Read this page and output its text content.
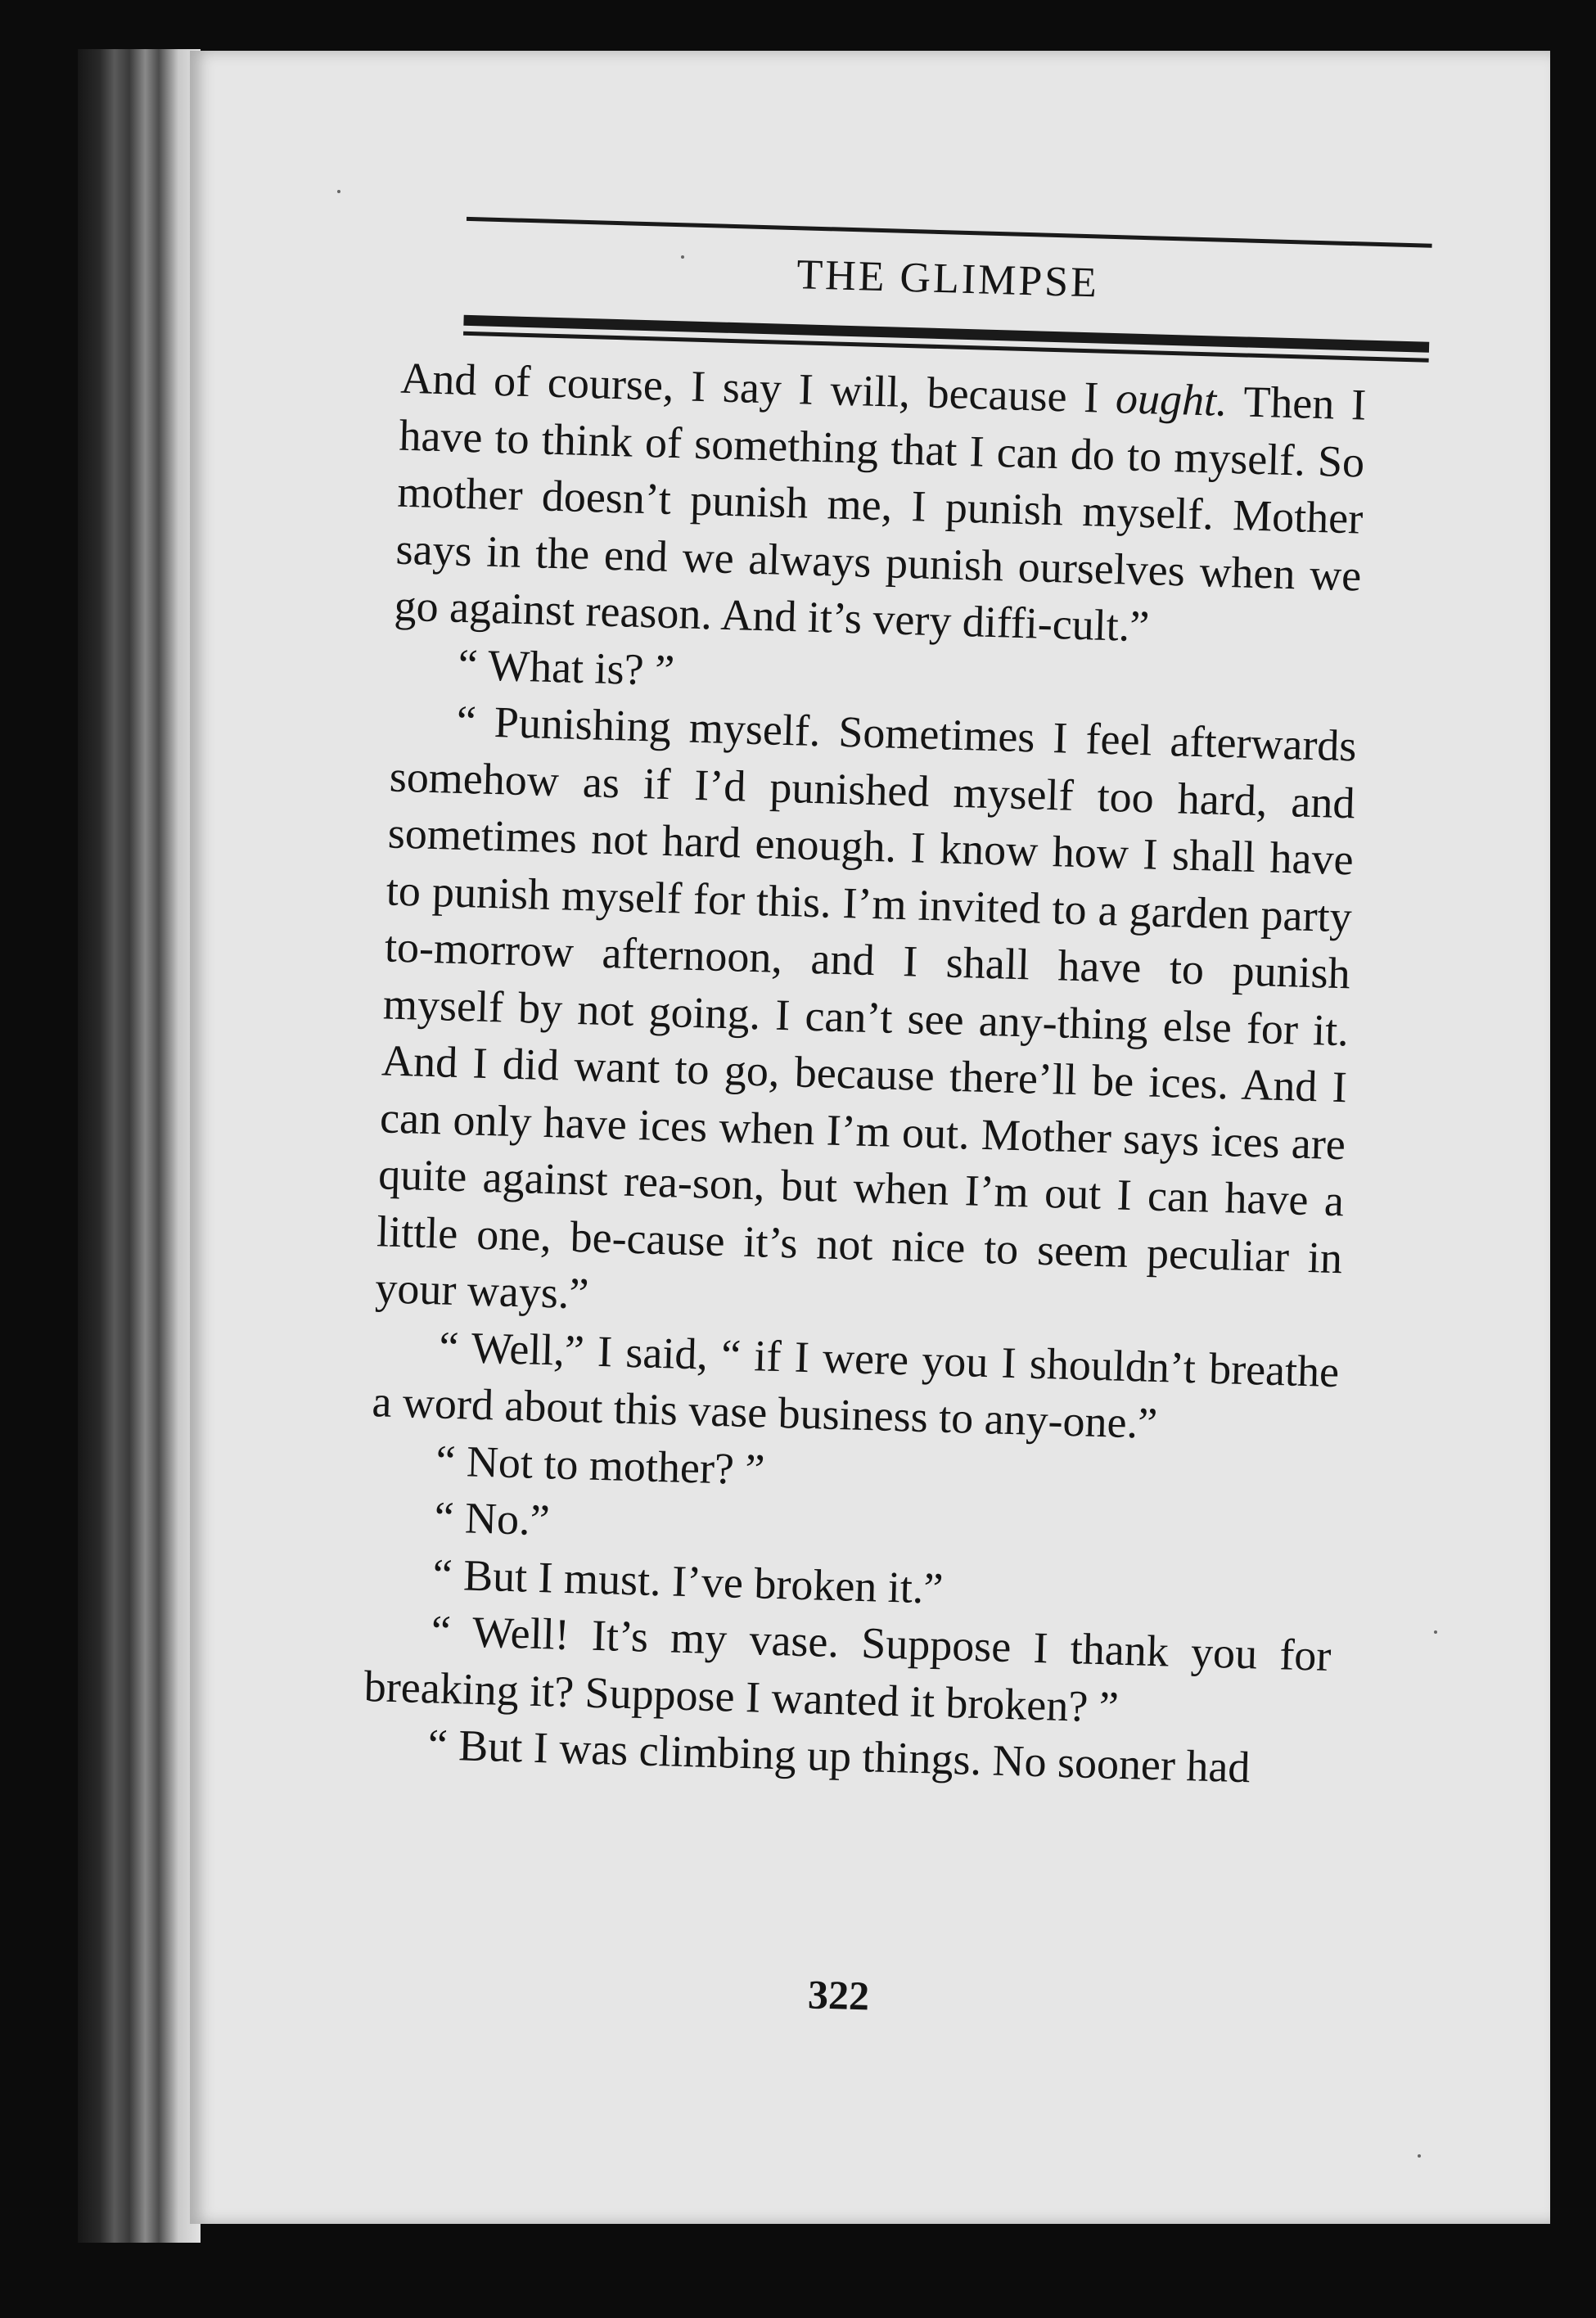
THE GLIMPSE

And of course, I say I will, because I ought. Then I have to think of something that I can do to myself. So mother doesn’t punish me, I punish myself. Mother says in the end we always punish ourselves when we go against reason. And it’s very diffi-cult.”

“ What is? ”

“ Punishing myself. Sometimes I feel afterwards somehow as if I’d punished myself too hard, and sometimes not hard enough. I know how I shall have to punish myself for this. I’m invited to a garden party to-morrow afternoon, and I shall have to punish myself by not going. I can’t see any-thing else for it. And I did want to go, because there’ll be ices. And I can only have ices when I’m out. Mother says ices are quite against rea-son, but when I’m out I can have a little one, be-cause it’s not nice to seem peculiar in your ways.”

“ Well,” I said, “ if I were you I shouldn’t breathe a word about this vase business to any-one.”

“ Not to mother? ”

“ No.”

“ But I must. I’ve broken it.”

“ Well! It’s my vase. Suppose I thank you for breaking it? Suppose I wanted it broken? ”

“ But I was climbing up things. No sooner had

322
